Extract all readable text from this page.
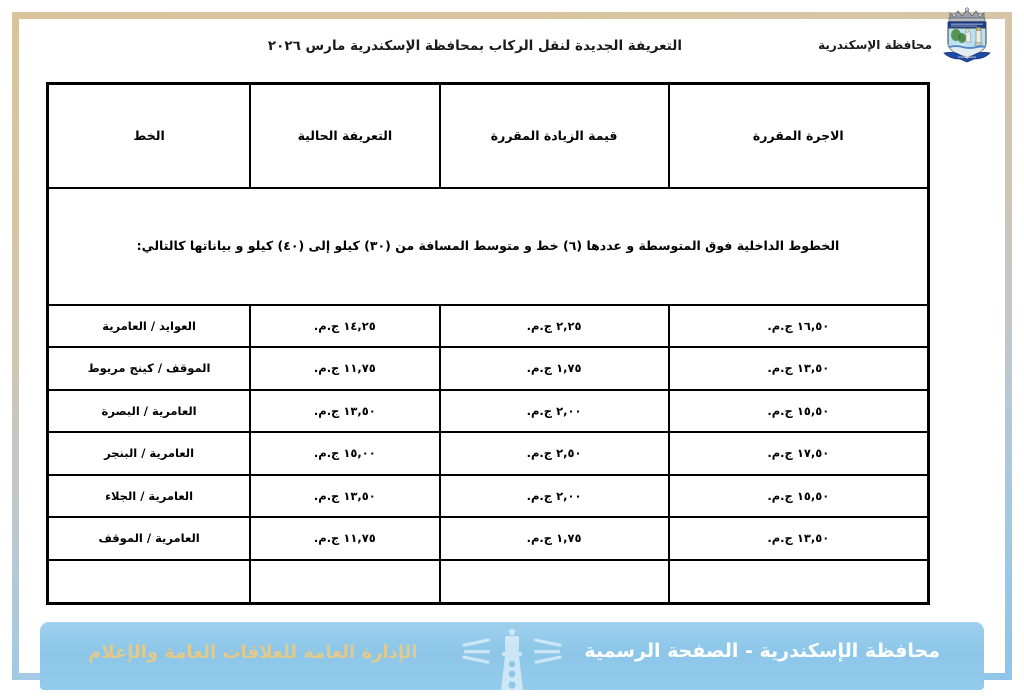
التعريفة الجديدة لنقل الركاب بمحافظة الإسكندرية مارس ٢٠٢٦	محافظة الإسكندرية
الخطوط الداخلية فوق المتوسطة و عددها (٦) خط و متوسط المسافة من (٣٠) كيلو إلى (٤٠) كيلو و بياناتها كالتالي:			
الاجرة المقررة	قيمة الزيادة المقررة	التعريفة الحالية	الخط
١٦,٥٠ ج.م.	٢,٢٥ ج.م.	١٤,٢٥ ج.م.	العوايد / العامرية
١٣,٥٠ ج.م.	١,٧٥ ج.م.	١١,٧٥ ج.م.	الموقف / كينج مريوط
١٥,٥٠ ج.م.	٢,٠٠ ج.م.	١٣,٥٠ ج.م.	العامرية / البصرة
١٧,٥٠ ج.م.	٢,٥٠ ج.م.	١٥,٠٠ ج.م.	العامرية / البنجر
١٥,٥٠ ج.م.	٢,٠٠ ج.م.	١٣,٥٠ ج.م.	العامرية / الجلاء
١٣,٥٠ ج.م.	١,٧٥ ج.م.	١١,٧٥ ج.م.	العامرية / الموقف

محافظة الإسكندرية - الصفحة الرسمية
الإدارة العامة للعلاقات العامة والإعلام
